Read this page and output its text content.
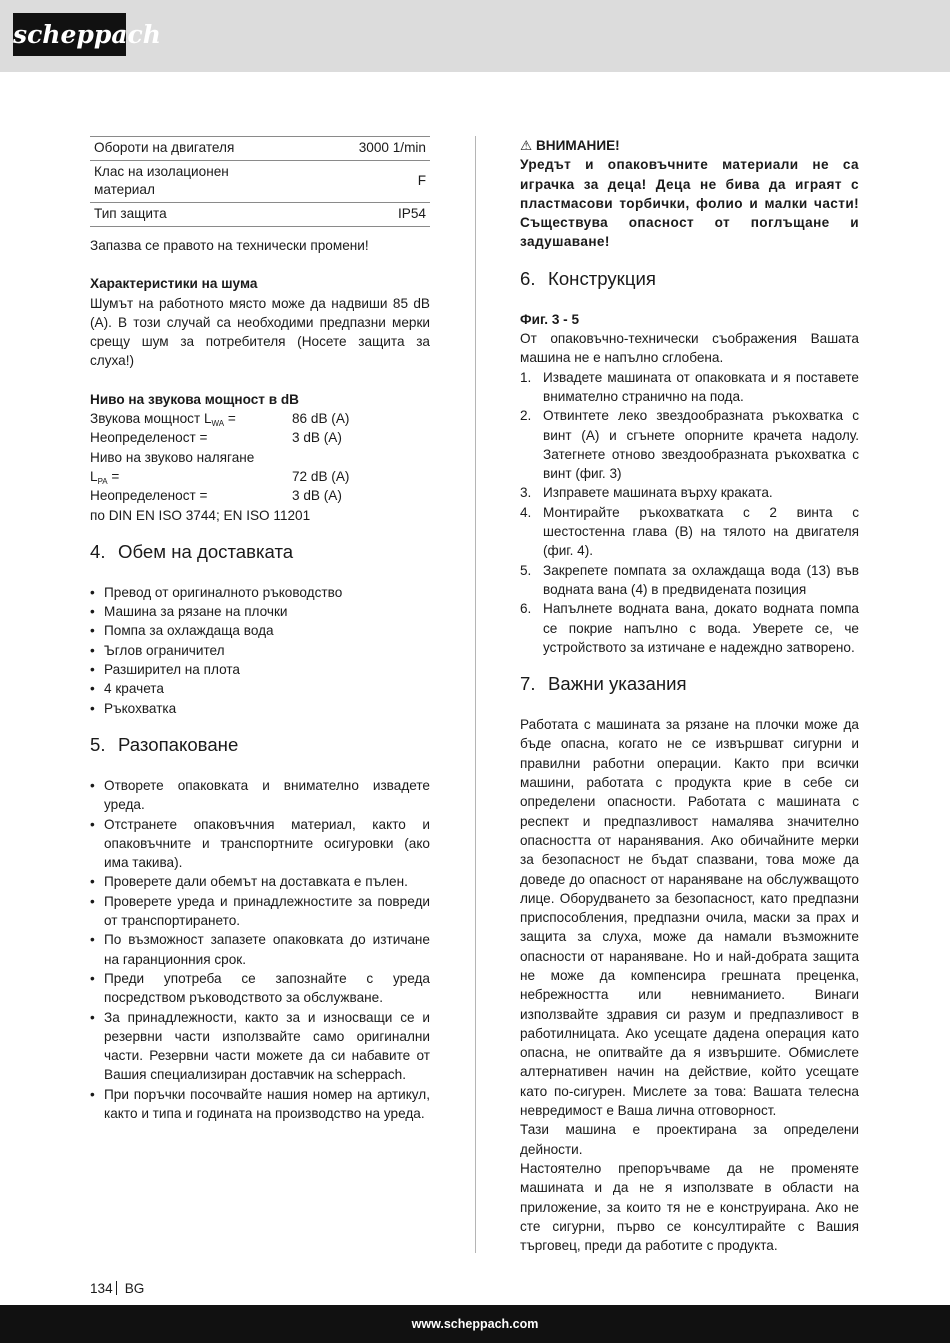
scheppach
Обороти на двигателя	3000 1/min
Клас на изолационен материал	F
Тип защита	IP54

Запазва се правото на технически промени!

Характеристики на шума

Шумът на работното място може да надвиши 85 dB (A). В този случай са необходими предпазни мерки срещу шум за потребителя (Носете защита за слуха!)

Ниво на звукова мощност в dB

Звукова мощност $L_{WA}$ =	86 dB (A)
Неопределеност =	3 dB (A)

Ниво на звуково налягане

$L_{PA}$ =	72 dB (A)
Неопределеност =	3 dB (A)

по DIN EN ISO 3744; EN ISO 11201

4. Обем на доставката
• Превод от оригиналното ръководство
• Машина за рязане на плочки
• Помпа за охлаждаща вода
• Ъглов ограничител
• Разширител на плота
• 4 крачета
• Ръкохватка
5. Разопаковане
• Отворете опаковката и внимателно извадете уреда.
• Отстранете опаковъчния материал, както и опаковъчните и транспортните осигуровки (ако има такива).
• Проверете дали обемът на доставката е пълен.
• Проверете уреда и принадлежностите за повреди от транспортирането.
• По възможност запазете опаковката до изтичане на гаранционния срок.
• Преди употреба се запознайте с уреда посредством ръководството за обслужване.
• За принадлежности, както за и износващи се и резервни части използвайте само оригинални части. Резервни части можете да си набавите от Вашия специализиран доставчик на scheppach.
• При поръчки посочвайте нашия номер на артикул, както и типа и годината на производство на уреда.

⚠ ВНИМАНИЕ!

Уредът и опаковъчните материали не са играчка за деца! Деца не бива да играят с пластмасови торбички, фолио и малки части! Съществува опасност от поглъщане и задушаване!

6. Конструкция

Фиг. 3 - 5

От опаковъчно-технически съображения Вашата машина не е напълно сглобена.

1. Извадете машината от опаковката и я поставете внимателно странично на пода.
2. Отвинтете леко звездообразната ръкохватка с винт (A) и сгънете опорните крачета надолу. Затегнете отново звездообразната ръкохватка с винт (фиг. 3)
3. Изправете машината върху краката.
4. Монтирайте ръкохватката с 2 винта с шестостенна глава (B) на тялото на двигателя (фиг. 4).
5. Закрепете помпата за охлаждаща вода (13) във водната вана (4) в предвидената позиция
6. Напълнете водната вана, докато водната помпа се покрие напълно с вода. Уверете се, че устройството за изтичане е надеждно затворено.
7. Важни указания

Работата с машината за рязане на плочки може да бъде опасна, когато не се извършват сигурни и правилни работни операции. Както при всички машини, работата с продукта крие в себе си определени опасности. Работата с машината с респект и предпазливост намалява значително опасността от наранявания. Ако обичайните мерки за безопасност не бъдат спазвани, това може да доведе до опасност от нараняване на обслужващото лице. Оборудването за безопасност, като предпазни приспособления, предпазни очила, маски за прах и защита за слуха, може да намали възможните опасности от нараняване. Но и най-добрата защита не може да компенсира грешната преценка, небрежността или невниманието. Винаги използвайте здравия си разум и предпазливост в работилницата. Ако усещате дадена операция като опасна, не опитвайте да я извършите. Обмислете алтернативен начин на действие, който усещате като по-сигурен. Мислете за това: Вашата телесна невредимост е Ваша лична отговорност.

Тази машина е проектирана за определени дейности.

Настоятелно препоръчваме да не променяте машината и да не я използвате в области на приложение, за които тя не е конструирана. Ако не сте сигурни, първо се консултирайте с Вашия търговец, преди да работите с продукта.

134 BG
www.scheppach.com
